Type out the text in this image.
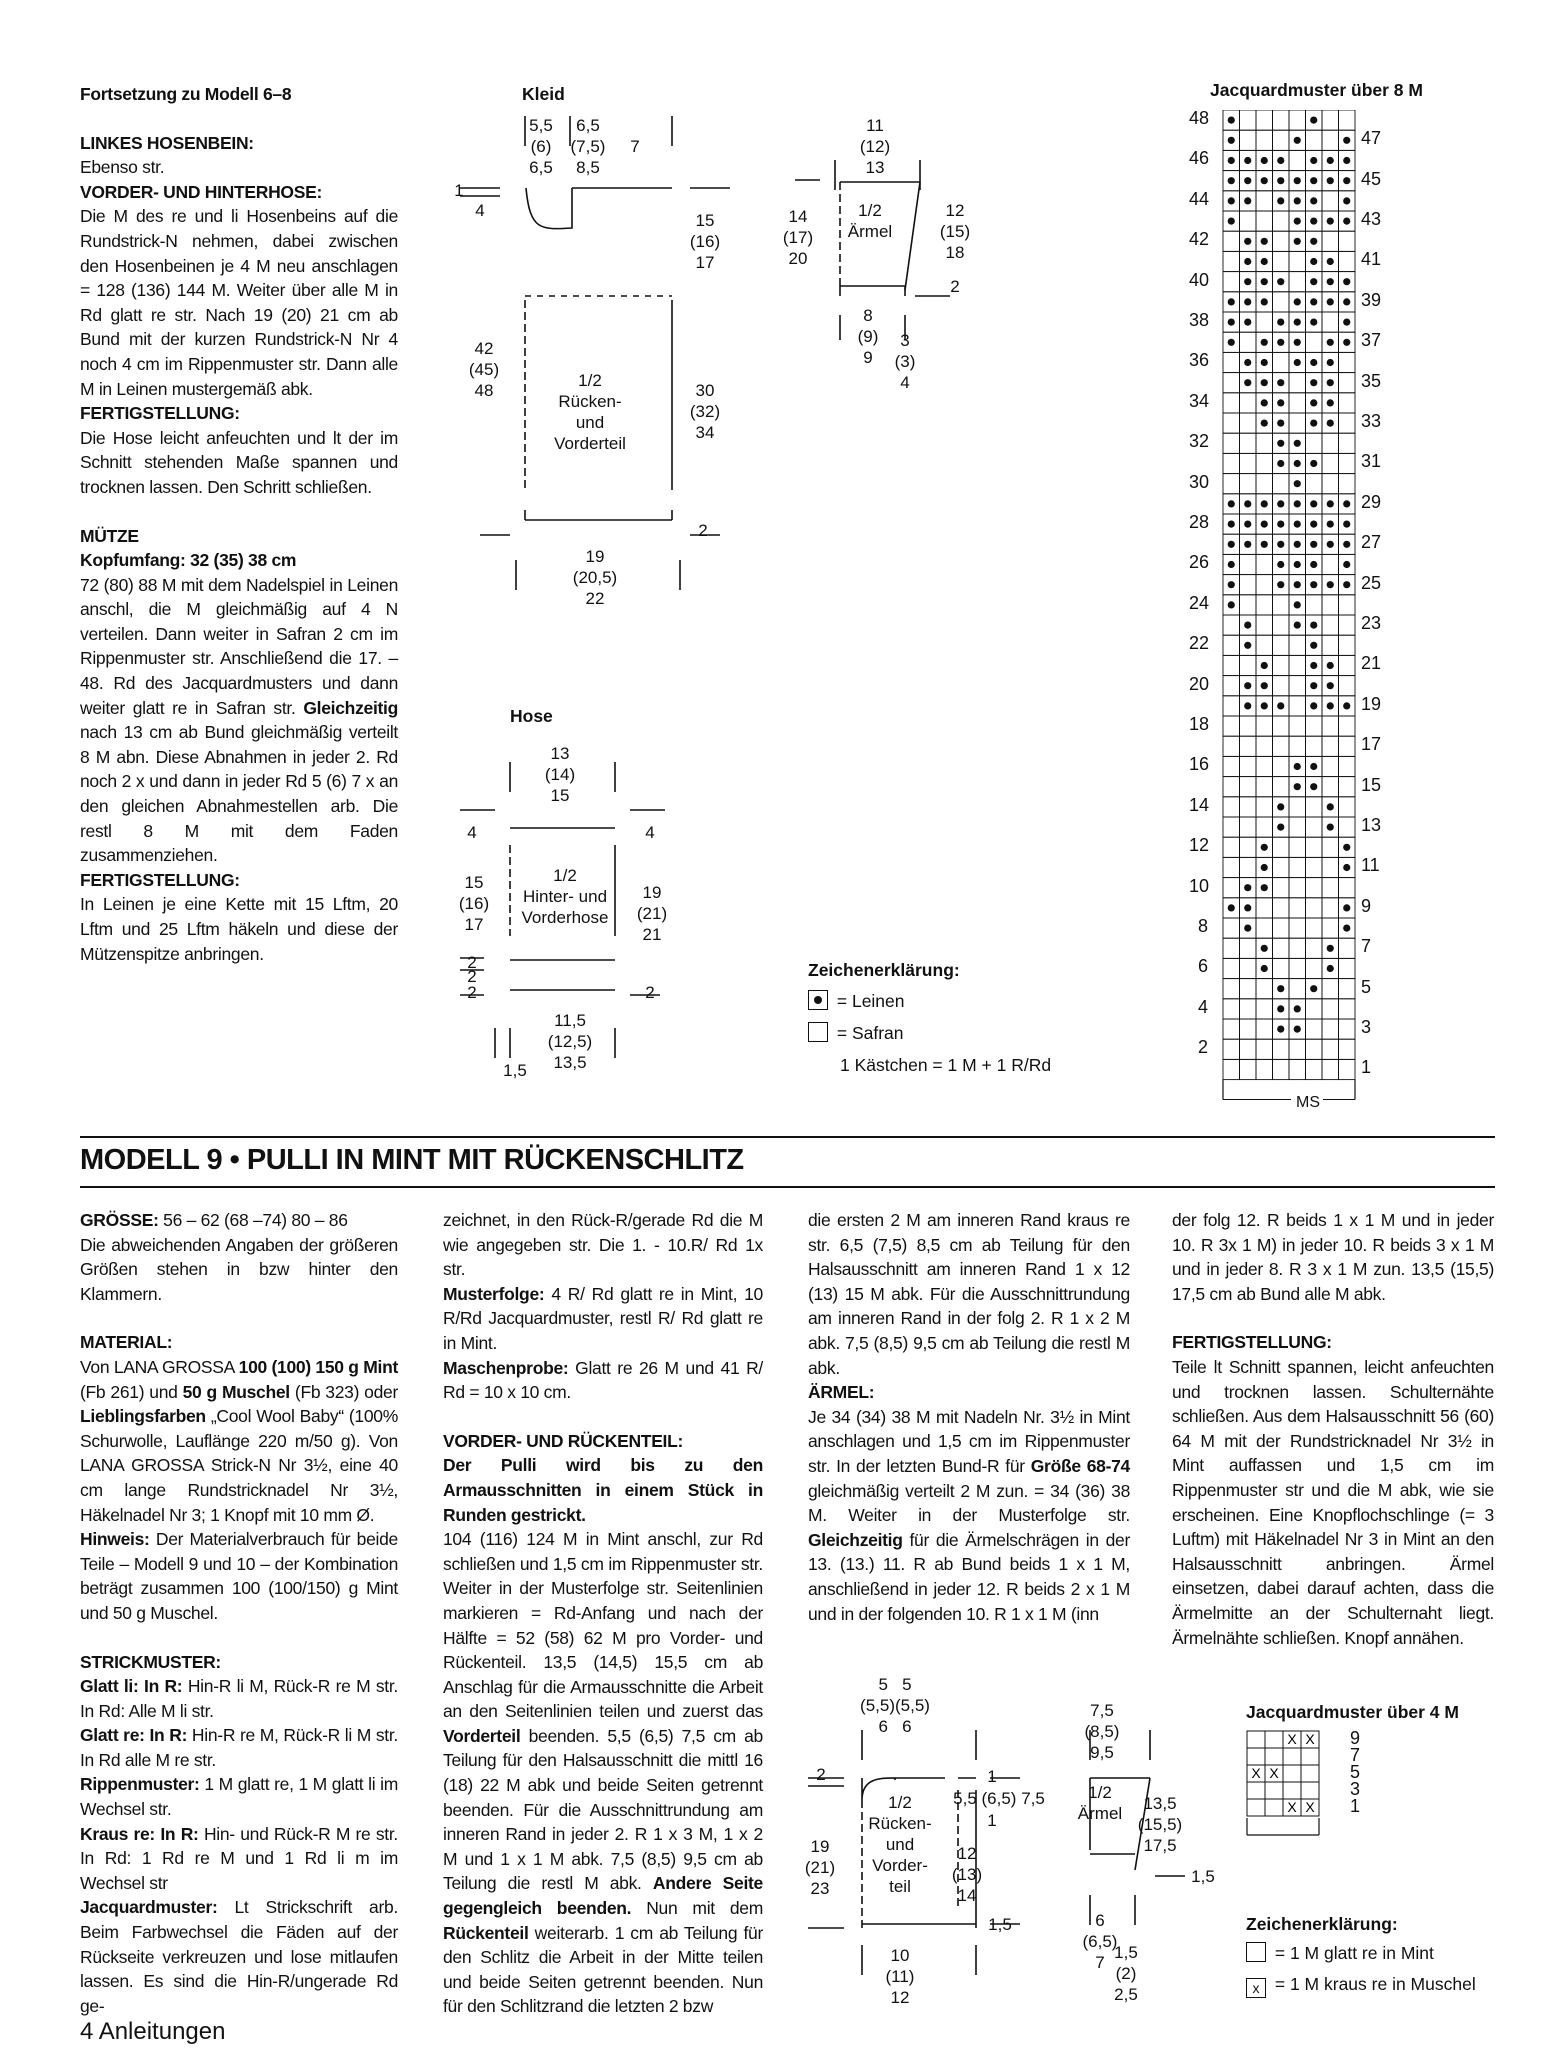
Fortsetzung zu Modell 6–8

LINKES HOSENBEIN:

Ebenso str.

VORDER- UND HINTERHOSE:

Die M des re und li Hosenbeins auf die Rundstrick-N nehmen, dabei zwischen den Hosenbeinen je 4 M neu anschlagen = 128 (136) 144 M. Weiter über alle M in Rd glatt re str. Nach 19 (20) 21 cm ab Bund mit der kurzen Rundstrick-N Nr 4 noch 4 cm im Rippenmuster str. Dann alle M in Leinen mustergemäß abk.

FERTIGSTELLUNG:

Die Hose leicht anfeuchten und lt der im Schnitt stehenden Maße spannen und trocknen lassen. Den Schritt schließen.

MÜTZE

Kopfumfang: 32 (35) 38 cm

72 (80) 88 M mit dem Nadelspiel in Leinen anschl, die M gleichmäßig auf 4 N verteilen. Dann weiter in Safran 2 cm im Rippenmuster str. Anschließend die 17. – 48. Rd des Jacquardmusters und dann weiter glatt re in Safran str. Gleichzeitig nach 13 cm ab Bund gleichmäßig verteilt 8 M abn. Diese Abnahmen in jeder 2. Rd noch 2 x und dann in jeder Rd 5 (6) 7 x an den gleichen Abnahmestellen arb. Die restl 8 M mit dem Faden zusammenziehen.

FERTIGSTELLUNG:

In Leinen je eine Kette mit 15 Lftm, 20 Lftm und 25 Lftm häkeln und diese der Mützenspitze anbringen.

Kleid
Hose
5,5
(6)
6,5
6,5
(7,5)
8,5
7
1
4
15
(16)
17
42
(45)
48
1/2
Rücken-
und
Vorderteil
30
(32)
34
2
19
(20,5)
22
11
(12)
13
14
(17)
20
1/2
Ärmel
12
(15)
18
2
8
(9)
9
3
(3)
4
13
(14)
15
4	4
15
(16)
17
1/2
Hinter- und
Vorderhose
19
(21)
21
2
2
2	2
11,5
(12,5)
13,5
1,5
Zeichenerklärung:
= Leinen
= Safran
1 Kästchen = 1 M + 1 R/Rd
Jacquardmuster über 8 M
48
46
44
42
40
38
36
34
32
30
28
26
24
22
20
18
16
14
12
10
8
6
4
2
47
45
43
41
39
37
35
33
31
29
27
25
23
21
19
17
15
13
11
9
7
5
3
1
MS
MODELL 9 • PULLI IN MINT MIT RÜCKENSCHLITZ

GRÖSSE: 56 – 62 (68 –74) 80 – 86

Die abweichenden Angaben der größeren Größen stehen in bzw hinter den Klammern.

MATERIAL:

Von LANA GROSSA 100 (100) 150 g Mint (Fb 261) und 50 g Muschel (Fb 323) oder Lieblingsfarben „Cool Wool Baby“ (100% Schurwolle, Lauflänge 220 m/50 g). Von LANA GROSSA Strick-N Nr 3½, eine 40 cm lange Rundstricknadel Nr 3½, Häkelnadel Nr 3; 1 Knopf mit 10 mm Ø.

Hinweis: Der Materialverbrauch für beide Teile – Modell 9 und 10 – der Kombination beträgt zusammen 100 (100/150) g Mint und 50 g Muschel.

STRICKMUSTER:

Glatt li: In R: Hin-R li M, Rück-R re M str. In Rd: Alle M li str.

Glatt re: In R: Hin-R re M, Rück-R li M str. In Rd alle M re str.

Rippenmuster: 1 M glatt re, 1 M glatt li im Wechsel str.

Kraus re: In R: Hin- und Rück-R M re str. In Rd: 1 Rd re M und 1 Rd li m im Wechsel str

Jacquardmuster: Lt Strickschrift arb. Beim Farbwechsel die Fäden auf der Rückseite verkreuzen und lose mitlaufen lassen. Es sind die Hin-R/ungerade Rd ge-

zeichnet, in den Rück-R/gerade Rd die M wie angegeben str. Die 1. - 10.R/ Rd 1x str.

Musterfolge: 4 R/ Rd glatt re in Mint, 10 R/Rd Jacquardmuster, restl R/ Rd glatt re in Mint.

Maschenprobe: Glatt re 26 M und 41 R/ Rd = 10 x 10 cm.

VORDER- UND RÜCKENTEIL:

Der Pulli wird bis zu den Armausschnitten in einem Stück in Runden gestrickt.

104 (116) 124 M in Mint anschl, zur Rd schließen und 1,5 cm im Rippenmuster str. Weiter in der Musterfolge str. Seitenlinien markieren = Rd-Anfang und nach der Hälfte = 52 (58) 62 M pro Vorder- und Rückenteil. 13,5 (14,5) 15,5 cm ab Anschlag für die Armausschnitte die Arbeit an den Seitenlinien teilen und zuerst das Vorderteil beenden. 5,5 (6,5) 7,5 cm ab Teilung für den Halsausschnitt die mittl 16 (18) 22 M abk und beide Seiten getrennt beenden. Für die Ausschnittrundung am inneren Rand in jeder 2. R 1 x 3 M, 1 x 2 M und 1 x 1 M abk. 7,5 (8,5) 9,5 cm ab Teilung die restl M abk. Andere Seite gegengleich beenden. Nun mit dem Rückenteil weiterarb. 1 cm ab Teilung für den Schlitz die Arbeit in der Mitte teilen und beide Seiten getrennt beenden. Nun für den Schlitzrand die letzten 2 bzw

die ersten 2 M am inneren Rand kraus re str. 6,5 (7,5) 8,5 cm ab Teilung für den Halsausschnitt am inneren Rand 1 x 12 (13) 15 M abk. Für die Ausschnittrundung am inneren Rand in der folg 2. R 1 x 2 M abk. 7,5 (8,5) 9,5 cm ab Teilung die restl M abk.

ÄRMEL:

Je 34 (34) 38 M mit Nadeln Nr. 3½ in Mint anschlagen und 1,5 cm im Rippenmuster str. In der letzten Bund-R für Größe 68-74 gleichmäßig verteilt 2 M zun. = 34 (36) 38 M. Weiter in der Musterfolge str. Gleichzeitig für die Ärmelschrägen in der 13. (13.) 11. R ab Bund beids 1 x 1 M, anschließend in jeder 12. R beids 2 x 1 M und in der folgenden 10. R 1 x 1 M (inn

der folg 12. R beids 1 x 1 M und in jeder 10. R 3x 1 M) in jeder 10. R beids 3 x 1 M und in jeder 8. R 3 x 1 M zun. 13,5 (15,5) 17,5 cm ab Bund alle M abk.

FERTIGSTELLUNG:

Teile lt Schnitt spannen, leicht anfeuchten und trocknen lassen. Schulternähte schließen. Aus dem Halsausschnitt 56 (60) 64 M mit der Rundstricknadel Nr 3½ in Mint auffassen und 1,5 cm im Rippenmuster str und die M abk, wie sie erscheinen. Eine Knopflochschlinge (= 3 Luftm) mit Häkelnadel Nr 3 in Mint an den Halsausschnitt anbringen. Ärmel einsetzen, dabei darauf achten, dass die Ärmelmitte an der Schulternaht liegt. Ärmelnähte schließen. Knopf annähen.

5   5
(5,5)(5,5)
6   6
2
1/2
Rücken-
und
Vorder-
teil
19
(21)
23
1
5,5 (6,5) 7,5
1
12
(13)
14
1,5
10
(11)
12
7,5
(8,5)
9,5
1/2
Ärmel
13,5
(15,5)
17,5
1,5
6
(6,5)
7
1,5
(2)
2,5
Jacquardmuster über 4 M
X X
X X
X X
9
7
5
3
1
Zeichenerklärung:
= 1 M glatt re in Mint
x = 1 M kraus re in Muschel
4 Anleitungen
